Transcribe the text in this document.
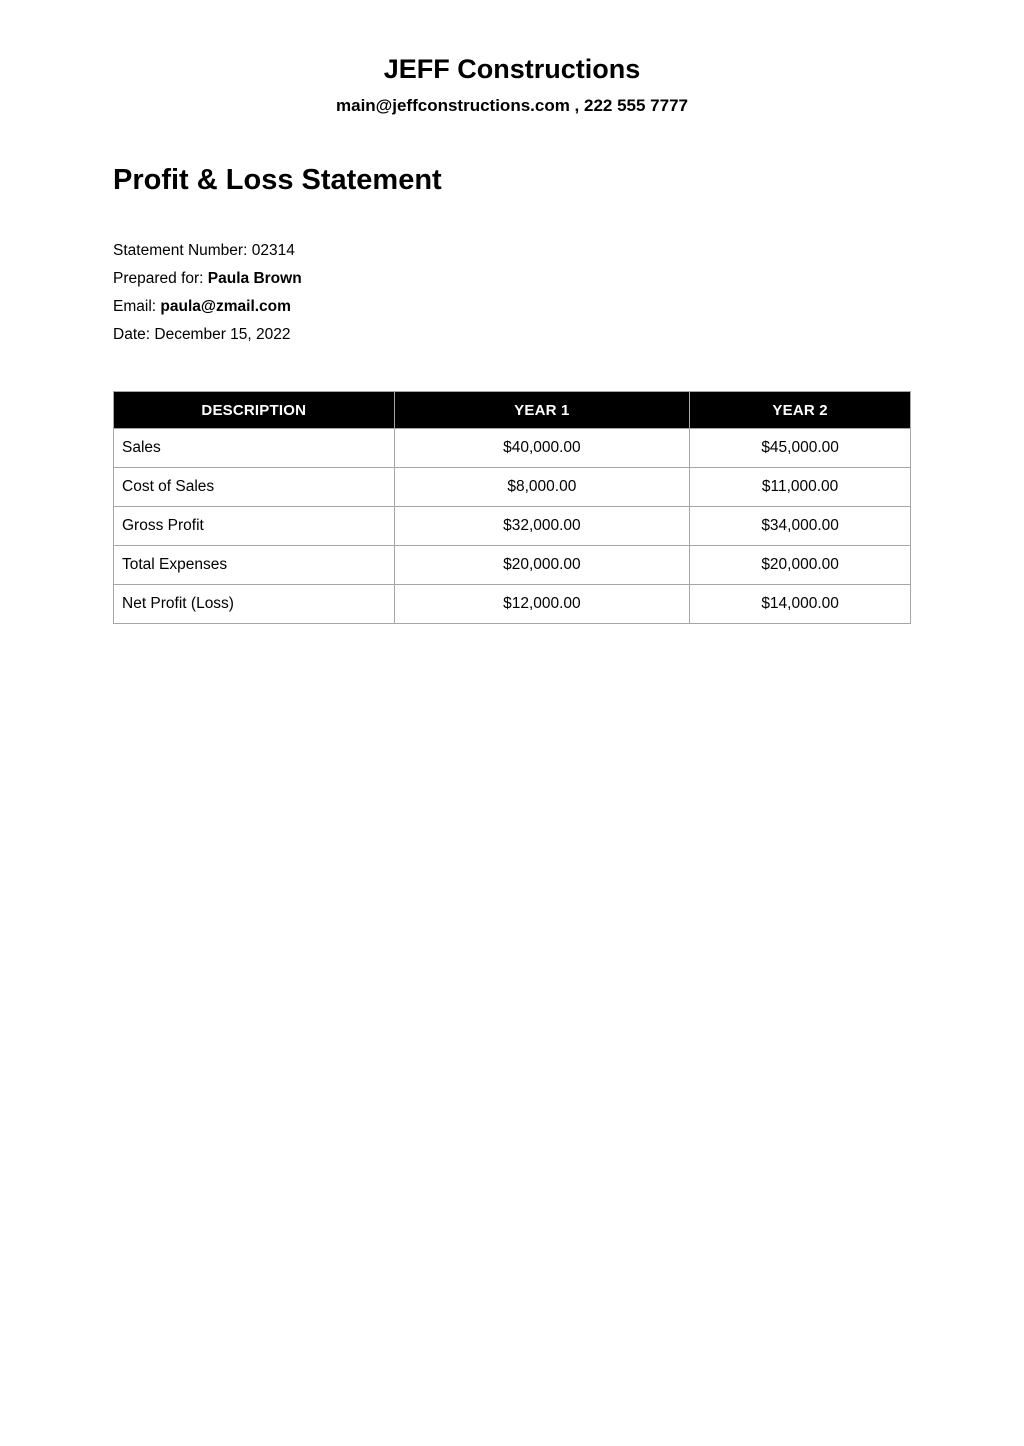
JEFF Constructions
main@jeffconstructions.com , 222 555 7777
Profit & Loss Statement
Statement Number: 02314
Prepared for: Paula Brown
Email: paula@zmail.com
Date: December 15, 2022
DESCRIPTION	YEAR 1	YEAR 2
Sales	$40,000.00	$45,000.00
Cost of Sales	$8,000.00	$11,000.00
Gross Profit	$32,000.00	$34,000.00
Total Expenses	$20,000.00	$20,000.00
Net Profit (Loss)	$12,000.00	$14,000.00
